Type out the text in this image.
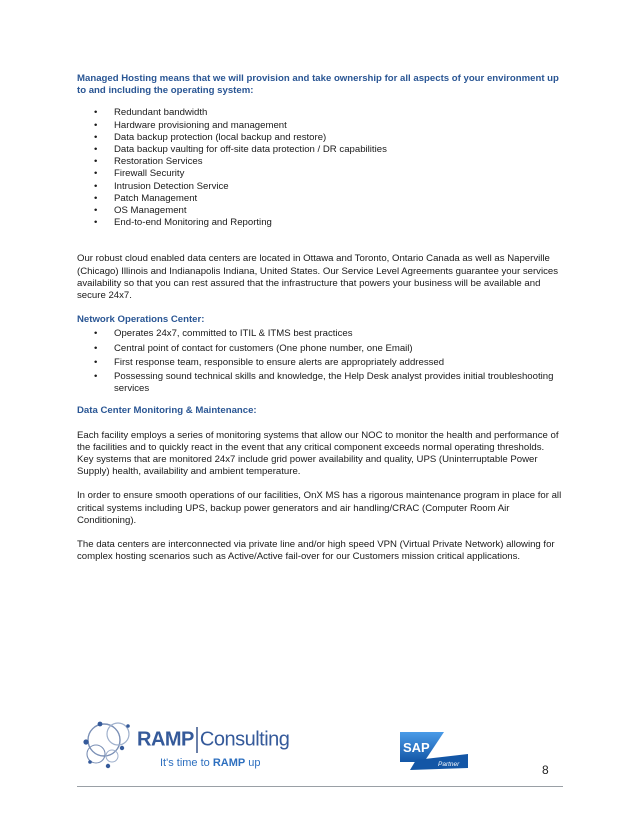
Managed Hosting means that we will provision and take ownership for all aspects of your environment up to and including the operating system:

• Redundant bandwidth
• Hardware provisioning and management
• Data backup protection (local backup and restore)
• Data backup vaulting for off-site data protection / DR capabilities
• Restoration Services
• Firewall Security
• Intrusion Detection Service
• Patch Management
• OS Management
• End-to-end Monitoring and Reporting

Our robust cloud enabled data centers are located in Ottawa and Toronto, Ontario Canada as well as Naperville (Chicago) Illinois and Indianapolis Indiana, United States. Our Service Level Agreements guarantee your services availability so that you can rest assured that the infrastructure that powers your business will be available and secure 24x7.

Network Operations Center:

• Operates 24x7, committed to ITIL & ITMS best practices
• Central point of contact for customers (One phone number, one Email)
• First response team, responsible to ensure alerts are appropriately addressed
• Possessing sound technical skills and knowledge, the Help Desk analyst provides initial troubleshooting services

Data Center Monitoring & Maintenance:

Each facility employs a series of monitoring systems that allow our NOC to monitor the health and performance of the facilities and to quickly react in the event that any critical component exceeds normal operating thresholds. Key systems that are monitored 24x7 include grid power availability and quality, UPS (Uninterruptable Power Supply) health, availability and ambient temperature.

In order to ensure smooth operations of our facilities, OnX MS has a rigorous maintenance program in place for all critical systems including UPS, backup power generators and air handling/CRAC (Computer Room Air Conditioning).

The data centers are interconnected via private line and/or high speed VPN (Virtual Private Network) allowing for complex hosting scenarios such as Active/Active fail-over for our Customers mission critical applications.

RAMP Consulting
It's time to RAMP up
SAP
Partner	8
